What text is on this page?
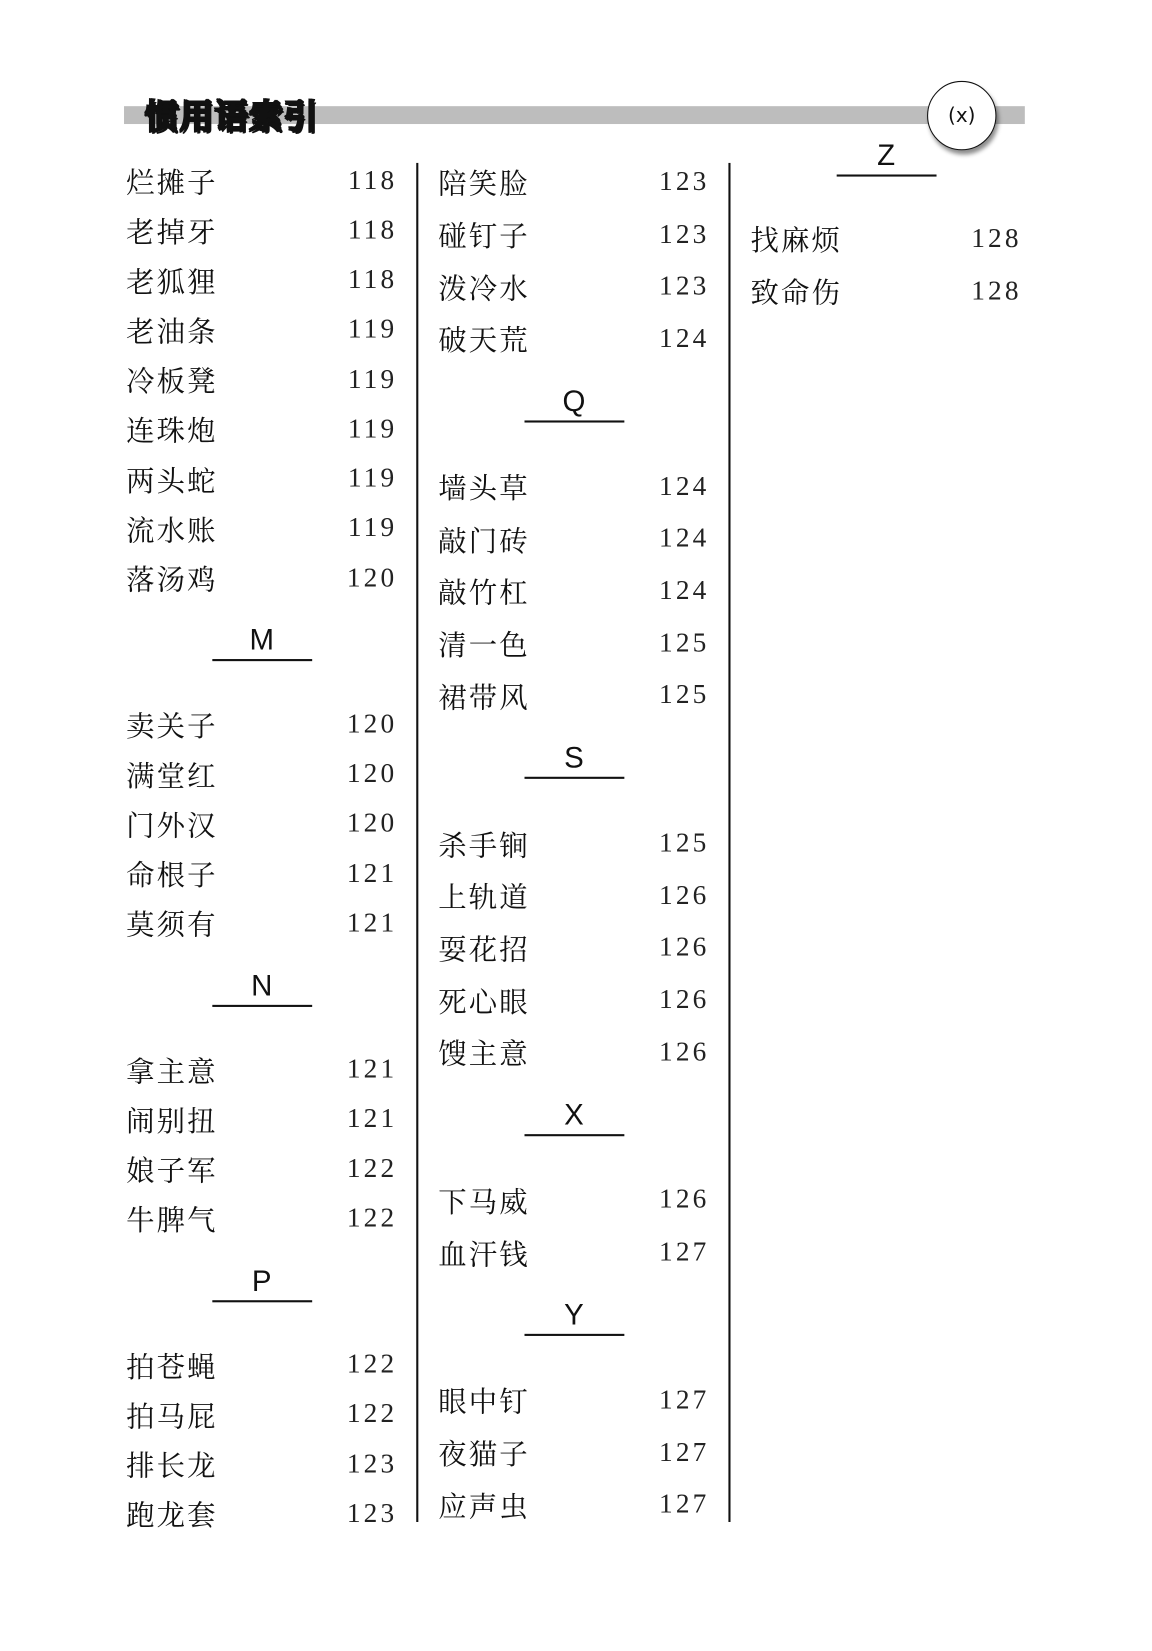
惯用语索引	(x)
烂摊子	118
老掉牙	118
老狐狸	118
老油条	119
冷板凳	119
连珠炮	119
两头蛇	119
流水账	119
落汤鸡	120
M
卖关子	120
满堂红	120
门外汉	120
命根子	121
莫须有	121
N
拿主意	121
闹别扭	121
娘子军	122
牛脾气	122
P
拍苍蝇	122
拍马屁	122
排长龙	123
跑龙套	123
陪笑脸	123
碰钉子	123
泼冷水	123
破天荒	124
Q
墙头草	124
敲门砖	124
敲竹杠	124
清一色	125
裙带风	125
S
杀手锏	125
上轨道	126
耍花招	126
死心眼	126
馊主意	126
X
下马威	126
血汗钱	127
Y
眼中钉	127
夜猫子	127
应声虫	127
Z
找麻烦	128
致命伤	128
